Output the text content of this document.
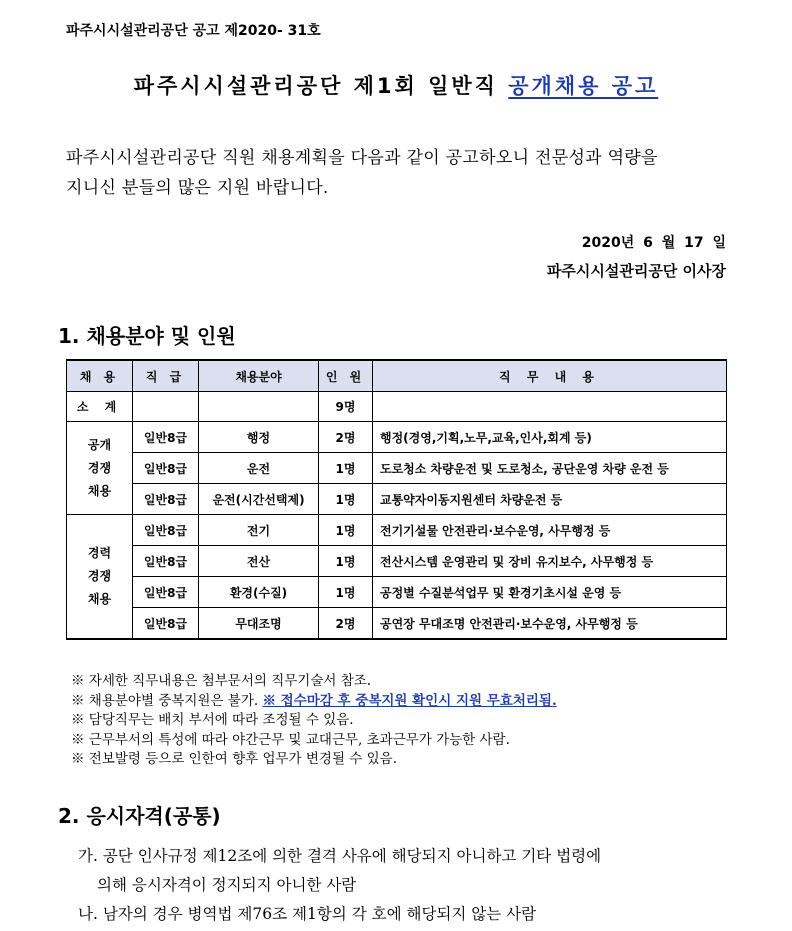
파주시시설관리공단 공고 제2020- 31호
파주시시설관리공단 제1회 일반직 공개채용 공고
파주시시설관리공단 직원 채용계획을 다음과 같이 공고하오니 전문성과 역량을
지니신 분들의 많은 지원 바랍니다.
2020년 6 월 17 일
파주시시설관리공단 이사장
1. 채용분야 및 인원
채 용	직 급	채용분야	인 원	직 무 내 용
소 계			9명	

공개
경쟁
채용	일반8급	행정	2명	행정(경영,기획,노무,교육,인사,회계 등)
	일반8급	운전	1명	도로청소 차량운전 및 도로청소, 공단운영 차량 운전 등
	일반8급	운전(시간선택제)	1명	교통약자이동지원센터 차량운전 등

경력
경쟁
채용	일반8급	전기	1명	전기기설물 안전관리·보수운영, 사무행정 등
	일반8급	전산	1명	전산시스템 운영관리 및 장비 유지보수, 사무행정 등
	일반8급	환경(수질)	1명	공정별 수질분석업무 및 환경기초시설 운영 등
	일반8급	무대조명	2명	공연장 무대조명 안전관리·보수운영, 사무행정 등
※ 자세한 직무내용은 첨부문서의 직무기술서 참조.
※ 채용분야별 중복지원은 불가. ※ 접수마감 후 중복지원 확인시 지원 무효처리됨.
※ 담당직무는 배치 부서에 따라 조정될 수 있음.
※ 근무부서의 특성에 따라 야간근무 및 교대근무, 초과근무가 가능한 사람.
※ 전보발령 등으로 인한여 향후 업무가 변경될 수 있음.
2. 응시자격(공통)
가. 공단 인사규정 제12조에 의한 결격 사유에 해당되지 아니하고 기타 법령에
의해 응시자격이 정지되지 아니한 사람
나. 남자의 경우 병역법 제76조 제1항의 각 호에 해당되지 않는 사람
